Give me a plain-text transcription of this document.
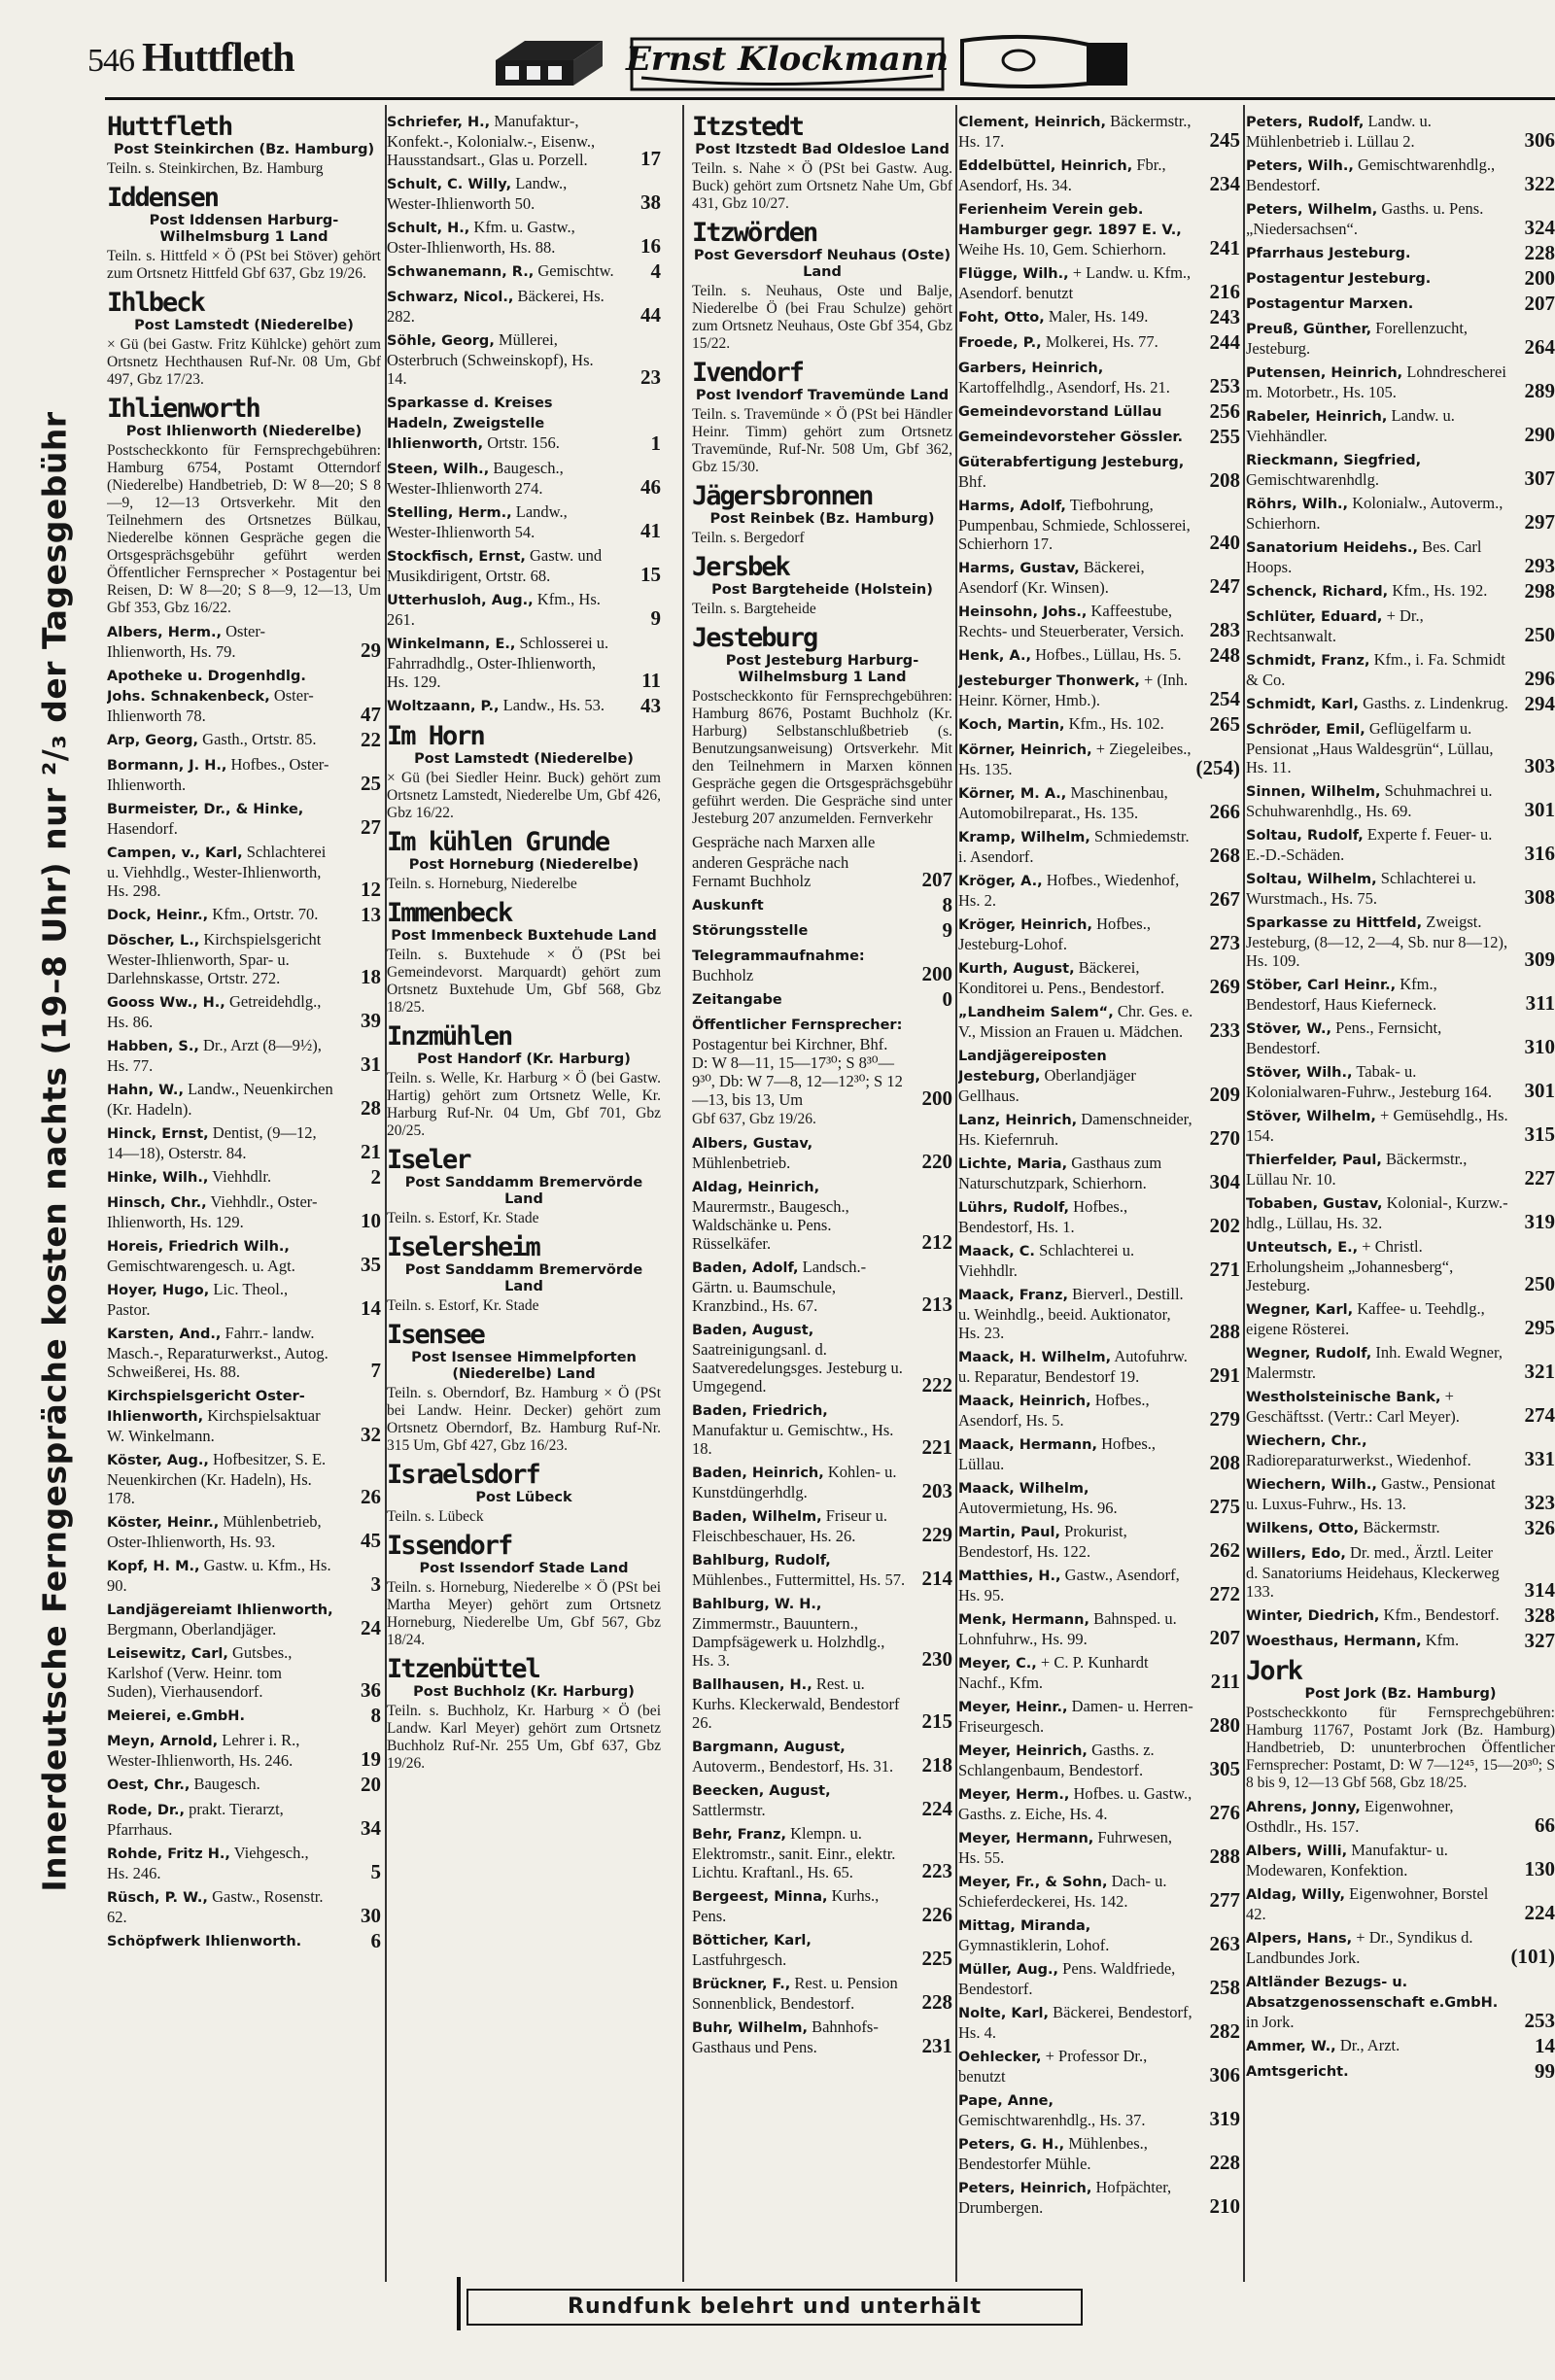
Innerdeutsche Ferngespräche kosten nachts (19–8 Uhr) nur ²/₃ der Tagesgebühr
546 Huttfleth	Ernst Klockmann
Huttfleth
Post Steinkirchen (Bz. Hamburg)
Teiln. s. Steinkirchen, Bz. Hamburg
Iddensen
Post Iddensen Harburg-Wilhelmsburg 1 Land
Teiln. s. Hittfeld × Ö (PSt bei Stöver) gehört zum Ortsnetz Hittfeld Gbf 637, Gbz 19/26.
Ihlbeck
Post Lamstedt (Niederelbe)
× Gü (bei Gastw. Fritz Kühlcke) gehört zum Ortsnetz Hechthausen Ruf-Nr. 08 Um, Gbf 497, Gbz 17/23.
Ihlienworth
Post Ihlienworth (Niederelbe)
Postscheckkonto für Fernsprechgebühren: Hamburg 6754, Postamt Otterndorf (Niederelbe) Handbetrieb, D: W 8—20; S 8—9, 12—13 Ortsverkehr. Mit den Teilnehmern des Ortsnetzes Bülkau, Niederelbe können Gespräche gegen die Ortsgesprächsgebühr geführt werden Öffentlicher Fernsprecher × Postagentur bei Reisen, D: W 8—20; S 8—9, 12—13, Um Gbf 353, Gbz 16/22.
Albers, Herm., Oster-Ihlienworth, Hs. 79.	29
Apotheke u. Drogenhdlg. Johs. Schnakenbeck, Oster-Ihlienworth 78.	47
Arp, Georg, Gasth., Ortstr. 85. 22
Bormann, J. H., Hofbes., Oster-Ihlienworth.	25
Burmeister, Dr., & Hinke, Hasendorf.	27
Campen, v., Karl, Schlachterei u. Viehhdlg., Wester-Ihlienworth, Hs. 298.	12
Dock, Heinr., Kfm., Ortstr. 70. 13
Döscher, L., Kirchspielsgericht Wester-Ihlienworth, Spar- u. Darlehnskasse, Ortstr. 272.	18
Gooss Ww., H., Getreidehdlg., Hs. 86.	39
Habben, S., Dr., Arzt (8—9½), Hs. 77.	31
Hahn, W., Landw., Neuenkirchen (Kr. Hadeln).	28
Hinck, Ernst, Dentist, (9—12, 14—18), Osterstr. 84.	21
Hinke, Wilh., Viehhdlr.	2
Hinsch, Chr., Viehhdlr., Oster-Ihlienworth, Hs. 129.	10
Horeis, Friedrich Wilh., Gemischtwarengesch. u. Agt.	35
Hoyer, Hugo, Lic. Theol., Pastor.	14
Karsten, And., Fahrr.- landw. Masch.-, Reparaturwerkst., Autog. Schweißerei, Hs. 88.	7
Kirchspielsgericht Oster-Ihlienworth, Kirchspielsaktuar W. Winkelmann.	32
Köster, Aug., Hofbesitzer, S. E. Neuenkirchen (Kr. Hadeln), Hs. 178.	26
Köster, Heinr., Mühlenbetrieb, Oster-Ihlienworth, Hs. 93.	45
Kopf, H. M., Gastw. u. Kfm., Hs. 90.	3
Landjägereiamt Ihlienworth, Bergmann, Oberlandjäger.	24
Leisewitz, Carl, Gutsbes., Karlshof (Verw. Heinr. tom Suden), Vierhausendorf.	36
Meierei, e.GmbH.	8
Meyn, Arnold, Lehrer i. R., Wester-Ihlienworth, Hs. 246.	19
Oest, Chr., Baugesch.	20
Rode, Dr., prakt. Tierarzt, Pfarrhaus.	34
Rohde, Fritz H., Viehgesch., Hs. 246.	5
Rüsch, P. W., Gastw., Rosenstr. 62.	30
Schöpfwerk Ihlienworth.	6
Schriefer, H., Manufaktur-, Konfekt.-, Kolonialw.-, Eisenw., Hausstandsart., Glas u. Porzell.	17
Schult, C. Willy, Landw., Wester-Ihlienworth 50.	38
Schult, H., Kfm. u. Gastw., Oster-Ihlienworth, Hs. 88.	16
Schwanemann, R., Gemischtw. 4
Schwarz, Nicol., Bäckerei, Hs. 282.	44
Söhle, Georg, Müllerei, Osterbruch (Schweinskopf), Hs. 14.	23
Sparkasse d. Kreises Hadeln, Zweigstelle Ihlienworth, Ortstr. 156.	1
Steen, Wilh., Baugesch., Wester-Ihlienworth 274.	46
Stelling, Herm., Landw., Wester-Ihlienworth 54.	41
Stockfisch, Ernst, Gastw. und Musikdirigent, Ortstr. 68.	15
Utterhusloh, Aug., Kfm., Hs. 261.	9
Winkelmann, E., Schlosserei u. Fahrradhdlg., Oster-Ihlienworth, Hs. 129.	11
Woltzaann, P., Landw., Hs. 53. 43
Im Horn
Post Lamstedt (Niederelbe)
× Gü (bei Siedler Heinr. Buck) gehört zum Ortsnetz Lamstedt, Niederelbe Um, Gbf 426, Gbz 16/22.
Im kühlen Grunde
Post Horneburg (Niederelbe)
Teiln. s. Horneburg, Niederelbe
Immenbeck
Post Immenbeck Buxtehude Land
Teiln. s. Buxtehude × Ö (PSt bei Gemeindevorst. Marquardt) gehört zum Ortsnetz Buxtehude Um, Gbf 568, Gbz 18/25.
Inzmühlen
Post Handorf (Kr. Harburg)
Teiln. s. Welle, Kr. Harburg × Ö (bei Gastw. Hartig) gehört zum Ortsnetz Welle, Kr. Harburg Ruf-Nr. 04 Um, Gbf 701, Gbz 20/25.
Iseler
Post Sanddamm Bremervörde Land
Teiln. s. Estorf, Kr. Stade
Iselersheim
Post Sanddamm Bremervörde Land
Teiln. s. Estorf, Kr. Stade
Isensee
Post Isensee Himmelpforten (Niederelbe) Land
Teiln. s. Oberndorf, Bz. Hamburg × Ö (PSt bei Landw. Heinr. Decker) gehört zum Ortsnetz Oberndorf, Bz. Hamburg Ruf-Nr. 315 Um, Gbf 427, Gbz 16/23.
Israelsdorf
Post Lübeck
Teiln. s. Lübeck
Issendorf
Post Issendorf Stade Land
Teiln. s. Horneburg, Niederelbe × Ö (PSt bei Martha Meyer) gehört zum Ortsnetz Horneburg, Niederelbe Um, Gbf 567, Gbz 18/24.
Itzenbüttel
Post Buchholz (Kr. Harburg)
Teiln. s. Buchholz, Kr. Harburg × Ö (bei Landw. Karl Meyer) gehört zum Ortsnetz Buchholz Ruf-Nr. 255 Um, Gbf 637, Gbz 19/26.
Itzstedt
Post Itzstedt Bad Oldesloe Land
Teiln. s. Nahe × Ö (PSt bei Gastw. Aug. Buck) gehört zum Ortsnetz Nahe Um, Gbf 431, Gbz 10/27.
Itzwörden
Post Geversdorf Neuhaus (Oste) Land
Teiln. s. Neuhaus, Oste und Balje, Niederelbe Ö (bei Frau Schulze) gehört zum Ortsnetz Neuhaus, Oste Gbf 354, Gbz 15/22.
Ivendorf
Post Ivendorf Travemünde Land
Teiln. s. Travemünde × Ö (PSt bei Händler Heinr. Timm) gehört zum Ortsnetz Travemünde, Ruf-Nr. 508 Um, Gbf 362, Gbz 15/30.
Jägersbronnen
Post Reinbek (Bz. Hamburg)
Teiln. s. Bergedorf
Jersbek
Post Bargteheide (Holstein)
Teiln. s. Bargteheide
Jesteburg
Post Jesteburg Harburg-Wilhelmsburg 1 Land
Postscheckkonto für Fernsprechgebühren: Hamburg 8676, Postamt Buchholz (Kr. Harburg) Selbstanschlußbetrieb (s. Benutzungsanweisung) Ortsverkehr. Mit den Teilnehmern in Marxen können Gespräche gegen die Ortsgesprächsgebühr geführt werden. Die Gespräche sind unter Jesteburg 207 anzumelden. Fernverkehr
Gespräche nach Marxen alle anderen Gespräche nach Fernamt Buchholz	207
Auskunft	8
Störungsstelle	9
Telegrammaufnahme: Buchholz	200
Zeitangabe	0
Öffentlicher Fernsprecher: Postagentur bei Kirchner, Bhf. D: W 8—11, 15—17³⁰; S 8³⁰—9³⁰, Db: W 7—8, 12—12³⁰; S 12—13, bis 13, Um	200
Gbf 637, Gbz 19/26.
Albers, Gustav, Mühlenbetrieb.	220
Aldag, Heinrich, Maurermstr., Baugesch., Waldschänke u. Pens. Rüsselkäfer.	212
Baden, Adolf, Landsch.-Gärtn. u. Baumschule, Kranzbind., Hs. 67.	213
Baden, August, Saatreinigungsanl. d. Saatveredelungsges. Jesteburg u. Umgegend.	222
Baden, Friedrich, Manufaktur u. Gemischtw., Hs. 18.	221
Baden, Heinrich, Kohlen- u. Kunstdüngerhdlg.	203
Baden, Wilhelm, Friseur u. Fleischbeschauer, Hs. 26.	229
Bahlburg, Rudolf, Mühlenbes., Futtermittel, Hs. 57. 214
Bahlburg, W. H., Zimmermstr., Bauuntern., Dampfsägewerk u. Holzhdlg., Hs. 3.	230
Ballhausen, H., Rest. u. Kurhs. Kleckerwald, Bendestorf 26.	215
Bargmann, August, Autoverm., Bendestorf, Hs. 31. 218
Beecken, August, Sattlermstr.	224
Behr, Franz, Klempn. u. Elektromstr., sanit. Einr., elektr. Lichtu. Kraftanl., Hs. 65.	223
Bergeest, Minna, Kurhs., Pens.	226
Bötticher, Karl, Lastfuhrgesch.	225
Brückner, F., Rest. u. Pension Sonnenblick, Bendestorf.	228
Buhr, Wilhelm, Bahnhofs-Gasthaus und Pens.	231
Clement, Heinrich, Bäckermstr., Hs. 17.	245
Eddelbüttel, Heinrich, Fbr., Asendorf, Hs. 34.	234
Ferienheim Verein geb. Hamburger gegr. 1897 E. V., Weihe Hs. 10, Gem. Schierhorn. 241
Flügge, Wilh., + Landw. u. Kfm., Asendorf. benutzt	216
Foht, Otto, Maler, Hs. 149.	243
Froede, P., Molkerei, Hs. 77.	244
Garbers, Heinrich, Kartoffelhdlg., Asendorf, Hs. 21. 253
Gemeindevorstand Lüllau 256
Gemeindevorsteher Gössler. 255
Güterabfertigung Jesteburg, Bhf.	208
Harms, Adolf, Tiefbohrung, Pumpenbau, Schmiede, Schlosserei, Schierhorn 17.	240
Harms, Gustav, Bäckerei, Asendorf (Kr. Winsen).	247
Heinsohn, Johs., Kaffeestube, Rechts- und Steuerberater, Versich. 283
Henk, A., Hofbes., Lüllau, Hs. 5. 248
Jesteburger Thonwerk, + (Inh. Heinr. Körner, Hmb.).	254
Koch, Martin, Kfm., Hs. 102. 265
Körner, Heinrich, + Ziegeleibes., Hs. 135.	(254)
Körner, M. A., Maschinenbau, Automobilreparat., Hs. 135.	266
Kramp, Wilhelm, Schmiedemstr. i. Asendorf.	268
Kröger, A., Hofbes., Wiedenhof, Hs. 2.	267
Kröger, Heinrich, Hofbes., Jesteburg-Lohof.	273
Kurth, August, Bäckerei, Konditorei u. Pens., Bendestorf. 269
„Landheim Salem“, Chr. Ges. e. V., Mission an Frauen u. Mädchen. 233
Landjägereiposten Jesteburg, Oberlandjäger Gellhaus.	209
Lanz, Heinrich, Damenschneider, Hs. Kiefernruh.	270
Lichte, Maria, Gasthaus zum Naturschutzpark, Schierhorn.	304
Lührs, Rudolf, Hofbes., Bendestorf, Hs. 1.	202
Maack, C. Schlachterei u. Viehhdlr.	271
Maack, Franz, Bierverl., Destill. u. Weinhdlg., beeid. Auktionator, Hs. 23.	288
Maack, H. Wilhelm, Autofuhrw. u. Reparatur, Bendestorf 19.	291
Maack, Heinrich, Hofbes., Asendorf, Hs. 5.	279
Maack, Hermann, Hofbes., Lüllau.	208
Maack, Wilhelm, Autovermietung, Hs. 96.	275
Martin, Paul, Prokurist, Bendestorf, Hs. 122.	262
Matthies, H., Gastw., Asendorf, Hs. 95.	272
Menk, Hermann, Bahnsped. u. Lohnfuhrw., Hs. 99.	207
Meyer, C., + C. P. Kunhardt Nachf., Kfm.	211
Meyer, Heinr., Damen- u. Herren-Friseurgesch.	280
Meyer, Heinrich, Gasths. z. Schlangenbaum, Bendestorf.	305
Meyer, Herm., Hofbes. u. Gastw., Gasths. z. Eiche, Hs. 4.	276
Meyer, Hermann, Fuhrwesen, Hs. 55.	288
Meyer, Fr., & Sohn, Dach- u. Schieferdeckerei, Hs. 142.	277
Mittag, Miranda, Gymnastiklerin, Lohof.	263
Müller, Aug., Pens. Waldfriede, Bendestorf.	258
Nolte, Karl, Bäckerei, Bendestorf, Hs. 4.	282
Oehlecker, + Professor Dr., benutzt	306
Pape, Anne, Gemischtwarenhdlg., Hs. 37.	319
Peters, G. H., Mühlenbes., Bendestorfer Mühle.	228
Peters, Heinrich, Hofpächter, Drumbergen.	210
Peters, Rudolf, Landw. u. Mühlenbetrieb i. Lüllau 2.	306
Peters, Wilh., Gemischtwarenhdlg., Bendestorf.	322
Peters, Wilhelm, Gasths. u. Pens. „Niedersachsen“.	324
Pfarrhaus Jesteburg.	228
Postagentur Jesteburg.	200
Postagentur Marxen.	207
Preuß, Günther, Forellenzucht, Jesteburg.	264
Putensen, Heinrich, Lohndrescherei m. Motorbetr., Hs. 105.	289
Rabeler, Heinrich, Landw. u. Viehhändler.	290
Rieckmann, Siegfried, Gemischtwarenhdlg.	307
Röhrs, Wilh., Kolonialw., Autoverm., Schierhorn.	297
Sanatorium Heidehs., Bes. Carl Hoops.	293
Schenck, Richard, Kfm., Hs. 192. 298
Schlüter, Eduard, + Dr., Rechtsanwalt.	250
Schmidt, Franz, Kfm., i. Fa. Schmidt & Co.	296
Schmidt, Karl, Gasths. z. Lindenkrug. 294
Schröder, Emil, Geflügelfarm u. Pensionat „Haus Waldesgrün“, Lüllau, Hs. 11.	303
Sinnen, Wilhelm, Schuhmachrei u. Schuhwarenhdlg., Hs. 69.	301
Soltau, Rudolf, Experte f. Feuer- u. E.-D.-Schäden.	316
Soltau, Wilhelm, Schlachterei u. Wurstmach., Hs. 75.	308
Sparkasse zu Hittfeld, Zweigst. Jesteburg, (8—12, 2—4, Sb. nur 8—12), Hs. 109.	309
Stöber, Carl Heinr., Kfm., Bendestorf, Haus Kieferneck.	311
Stöver, W., Pens., Fernsicht, Bendestorf.	310
Stöver, Wilh., Tabak- u. Kolonialwaren-Fuhrw., Jesteburg 164. 301
Stöver, Wilhelm, + Gemüsehdlg., Hs. 154.	315
Thierfelder, Paul, Bäckermstr., Lüllau Nr. 10.	227
Tobaben, Gustav, Kolonial-, Kurzw.- hdlg., Lüllau, Hs. 32.	319
Unteutsch, E., + Christl. Erholungsheim „Johannesberg“, Jesteburg.	250
Wegner, Karl, Kaffee- u. Teehdlg., eigene Rösterei.	295
Wegner, Rudolf, Inh. Ewald Wegner, Malermstr.	321
Westholsteinische Bank, + Geschäftsst. (Vertr.: Carl Meyer).	274
Wiechern, Chr., Radioreparaturwerkst., Wiedenhof.	331
Wiechern, Wilh., Gastw., Pensionat u. Luxus-Fuhrw., Hs. 13.	323
Wilkens, Otto, Bäckermstr.	326
Willers, Edo, Dr. med., Ärztl. Leiter d. Sanatoriums Heidehaus, Kleckerweg 133.	314
Winter, Diedrich, Kfm., Bendestorf. 328
Woesthaus, Hermann, Kfm.	327
Jork
Post Jork (Bz. Hamburg)
Postscheckkonto für Fernsprechgebühren: Hamburg 11767, Postamt Jork (Bz. Hamburg) Handbetrieb, D: ununterbrochen Öffentlicher Fernsprecher: Postamt, D: W 7—12⁴⁵, 15—20³⁰; S 8 bis 9, 12—13 Gbf 568, Gbz 18/25.
Ahrens, Jonny, Eigenwohner, Osthdlr., Hs. 157.	66
Albers, Willi, Manufaktur- u. Modewaren, Konfektion.	130
Aldag, Willy, Eigenwohner, Borstel 42.	224
Alpers, Hans, + Dr., Syndikus d. Landbundes Jork.	(101)
Altländer Bezugs- u. Absatzgenossenschaft e.GmbH. in Jork.	253
Ammer, W., Dr., Arzt.	14
Amtsgericht.	99
Rundfunk belehrt und unterhält
